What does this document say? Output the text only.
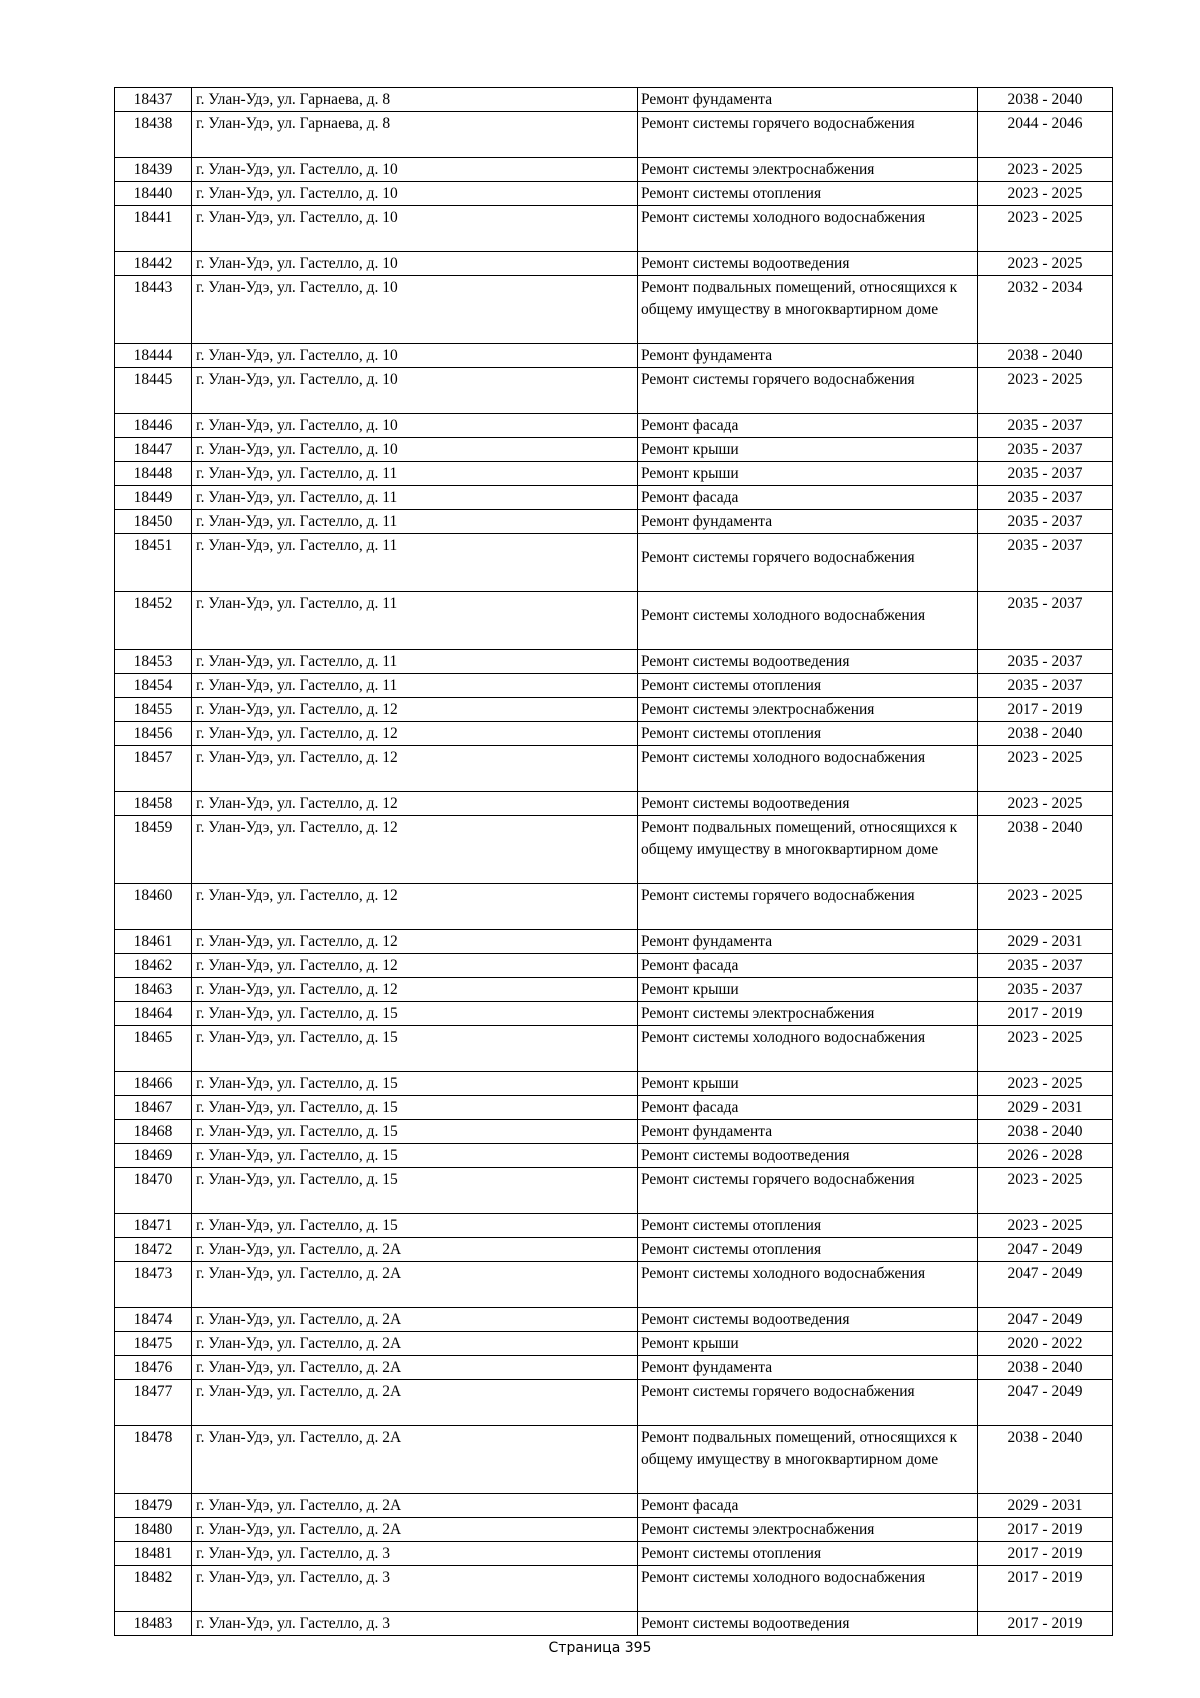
18437	г. Улан-Удэ, ул. Гарнаева, д. 8	Ремонт фундамента	2038 - 2040
18438	г. Улан-Удэ, ул. Гарнаева, д. 8	Ремонт системы горячего водоснабжения	2044 - 2046
18439	г. Улан-Удэ, ул. Гастелло, д. 10	Ремонт системы электроснабжения	2023 - 2025
18440	г. Улан-Удэ, ул. Гастелло, д. 10	Ремонт системы отопления	2023 - 2025
18441	г. Улан-Удэ, ул. Гастелло, д. 10	Ремонт системы холодного водоснабжения	2023 - 2025
18442	г. Улан-Удэ, ул. Гастелло, д. 10	Ремонт системы водоотведения	2023 - 2025
18443	г. Улан-Удэ, ул. Гастелло, д. 10	Ремонт подвальных помещений, относящихся к общему имуществу в многоквартирном доме	2032 - 2034
18444	г. Улан-Удэ, ул. Гастелло, д. 10	Ремонт фундамента	2038 - 2040
18445	г. Улан-Удэ, ул. Гастелло, д. 10	Ремонт системы горячего водоснабжения	2023 - 2025
18446	г. Улан-Удэ, ул. Гастелло, д. 10	Ремонт фасада	2035 - 2037
18447	г. Улан-Удэ, ул. Гастелло, д. 10	Ремонт крыши	2035 - 2037
18448	г. Улан-Удэ, ул. Гастелло, д. 11	Ремонт крыши	2035 - 2037
18449	г. Улан-Удэ, ул. Гастелло, д. 11	Ремонт фасада	2035 - 2037
18450	г. Улан-Удэ, ул. Гастелло, д. 11	Ремонт фундамента	2035 - 2037
18451	г. Улан-Удэ, ул. Гастелло, д. 11	Ремонт системы горячего водоснабжения	2035 - 2037
18452	г. Улан-Удэ, ул. Гастелло, д. 11	Ремонт системы холодного водоснабжения	2035 - 2037
18453	г. Улан-Удэ, ул. Гастелло, д. 11	Ремонт системы водоотведения	2035 - 2037
18454	г. Улан-Удэ, ул. Гастелло, д. 11	Ремонт системы отопления	2035 - 2037
18455	г. Улан-Удэ, ул. Гастелло, д. 12	Ремонт системы электроснабжения	2017 - 2019
18456	г. Улан-Удэ, ул. Гастелло, д. 12	Ремонт системы отопления	2038 - 2040
18457	г. Улан-Удэ, ул. Гастелло, д. 12	Ремонт системы холодного водоснабжения	2023 - 2025
18458	г. Улан-Удэ, ул. Гастелло, д. 12	Ремонт системы водоотведения	2023 - 2025
18459	г. Улан-Удэ, ул. Гастелло, д. 12	Ремонт подвальных помещений, относящихся к общему имуществу в многоквартирном доме	2038 - 2040
18460	г. Улан-Удэ, ул. Гастелло, д. 12	Ремонт системы горячего водоснабжения	2023 - 2025
18461	г. Улан-Удэ, ул. Гастелло, д. 12	Ремонт фундамента	2029 - 2031
18462	г. Улан-Удэ, ул. Гастелло, д. 12	Ремонт фасада	2035 - 2037
18463	г. Улан-Удэ, ул. Гастелло, д. 12	Ремонт крыши	2035 - 2037
18464	г. Улан-Удэ, ул. Гастелло, д. 15	Ремонт системы электроснабжения	2017 - 2019
18465	г. Улан-Удэ, ул. Гастелло, д. 15	Ремонт системы холодного водоснабжения	2023 - 2025
18466	г. Улан-Удэ, ул. Гастелло, д. 15	Ремонт крыши	2023 - 2025
18467	г. Улан-Удэ, ул. Гастелло, д. 15	Ремонт фасада	2029 - 2031
18468	г. Улан-Удэ, ул. Гастелло, д. 15	Ремонт фундамента	2038 - 2040
18469	г. Улан-Удэ, ул. Гастелло, д. 15	Ремонт системы водоотведения	2026 - 2028
18470	г. Улан-Удэ, ул. Гастелло, д. 15	Ремонт системы горячего водоснабжения	2023 - 2025
18471	г. Улан-Удэ, ул. Гастелло, д. 15	Ремонт системы отопления	2023 - 2025
18472	г. Улан-Удэ, ул. Гастелло, д. 2А	Ремонт системы отопления	2047 - 2049
18473	г. Улан-Удэ, ул. Гастелло, д. 2А	Ремонт системы холодного водоснабжения	2047 - 2049
18474	г. Улан-Удэ, ул. Гастелло, д. 2А	Ремонт системы водоотведения	2047 - 2049
18475	г. Улан-Удэ, ул. Гастелло, д. 2А	Ремонт крыши	2020 - 2022
18476	г. Улан-Удэ, ул. Гастелло, д. 2А	Ремонт фундамента	2038 - 2040
18477	г. Улан-Удэ, ул. Гастелло, д. 2А	Ремонт системы горячего водоснабжения	2047 - 2049
18478	г. Улан-Удэ, ул. Гастелло, д. 2А	Ремонт подвальных помещений, относящихся к общему имуществу в многоквартирном доме	2038 - 2040
18479	г. Улан-Удэ, ул. Гастелло, д. 2А	Ремонт фасада	2029 - 2031
18480	г. Улан-Удэ, ул. Гастелло, д. 2А	Ремонт системы электроснабжения	2017 - 2019
18481	г. Улан-Удэ, ул. Гастелло, д. 3	Ремонт системы отопления	2017 - 2019
18482	г. Улан-Удэ, ул. Гастелло, д. 3	Ремонт системы холодного водоснабжения	2017 - 2019
18483	г. Улан-Удэ, ул. Гастелло, д. 3	Ремонт системы водоотведения	2017 - 2019
Страница 395
